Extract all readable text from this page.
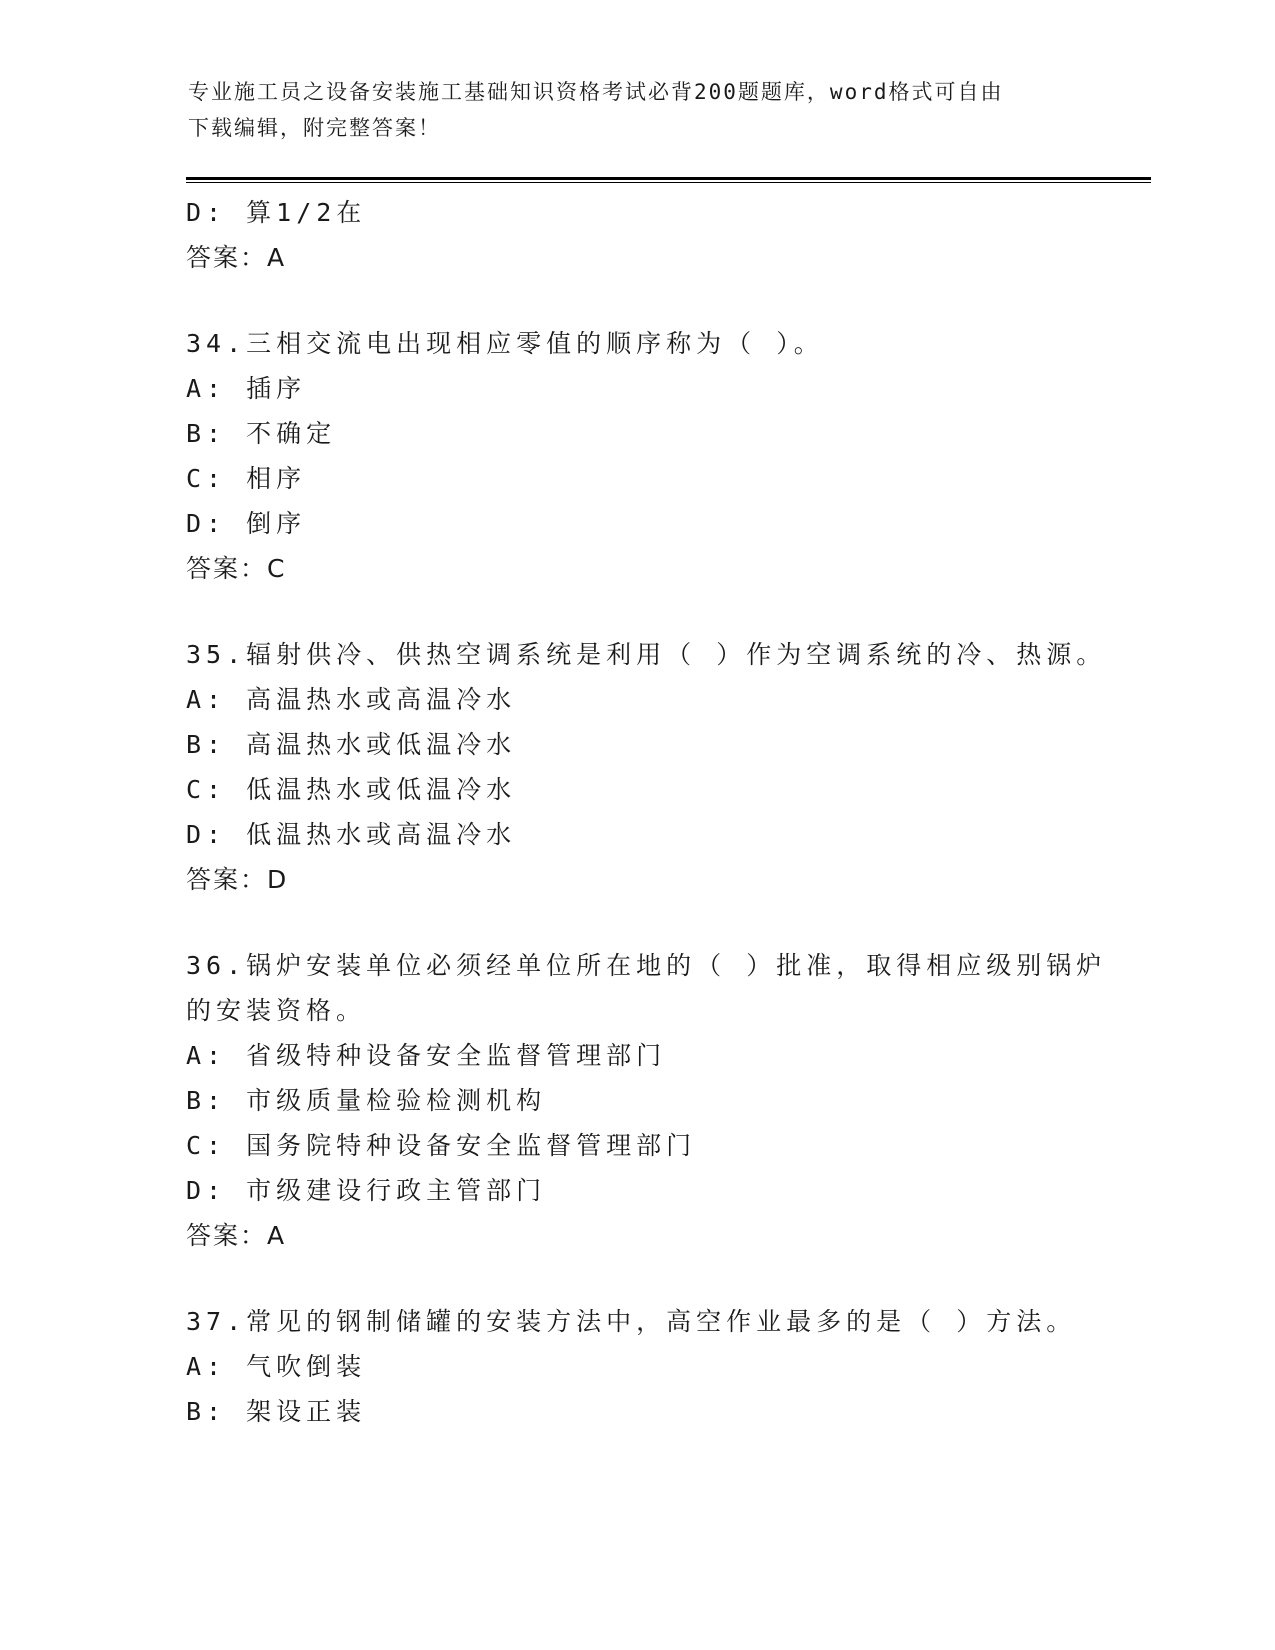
专业施工员之设备安装施工基础知识资格考试必背200题题库，word格式可自由
下载编辑，附完整答案！
D: 算1/2在
答案：A
34.三相交流电出现相应零值的顺序称为（ ）。
A: 插序
B: 不确定
C: 相序
D: 倒序
答案：C
35.辐射供冷、供热空调系统是利用（ ）作为空调系统的冷、热源。
A: 高温热水或高温冷水
B: 高温热水或低温冷水
C: 低温热水或低温冷水
D: 低温热水或高温冷水
答案：D
36.锅炉安装单位必须经单位所在地的（ ）批准，取得相应级别锅炉
的安装资格。
A: 省级特种设备安全监督管理部门
B: 市级质量检验检测机构
C: 国务院特种设备安全监督管理部门
D: 市级建设行政主管部门
答案：A
37.常见的钢制储罐的安装方法中，高空作业最多的是（ ）方法。
A: 气吹倒装
B: 架设正装
